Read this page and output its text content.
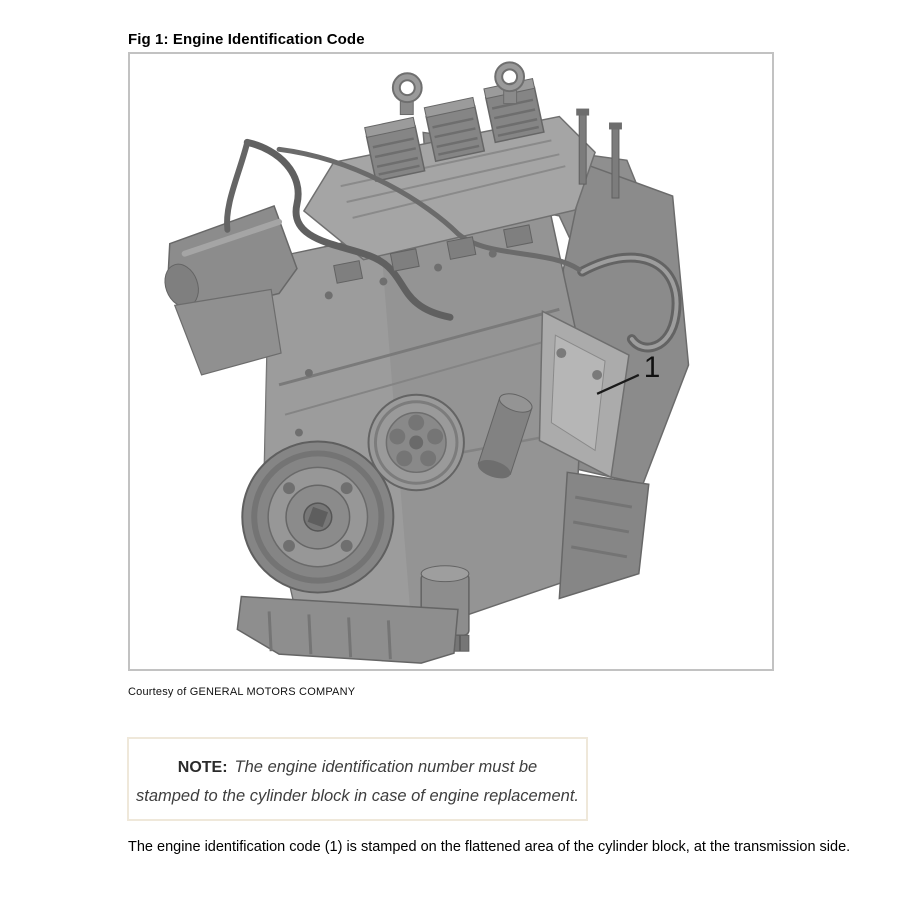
Fig 1: Engine Identification Code
1
Courtesy of GENERAL MOTORS COMPANY
NOTE: The engine identification number must be
stamped to the cylinder block in case of engine replacement.
The engine identification code (1) is stamped on the flattened area of the cylinder block, at the transmission side.
